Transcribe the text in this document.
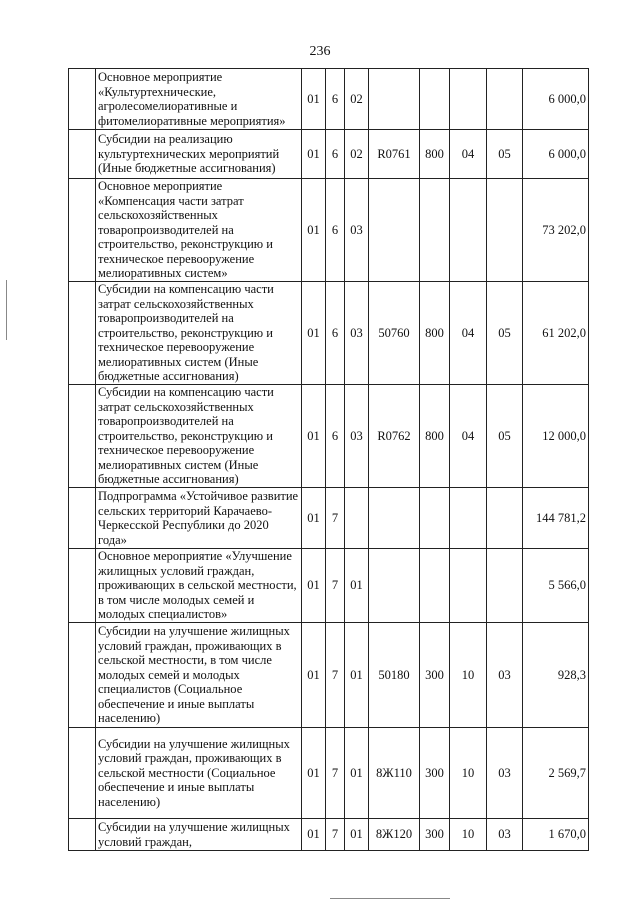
236
	Основное мероприятие «Культуртехнические, агролесомелиоративные и фитомелиоративные мероприятия»	01	6	02					6 000,0
	Субсидии на реализацию культуртехнических мероприятий (Иные бюджетные ассигнования)	01	6	02	R0761	800	04	05	6 000,0
	Основное мероприятие «Компенсация части затрат сельскохозяйственных товаропроизводителей на строительство, реконструкцию и техническое перевооружение мелиоративных систем»	01	6	03					73 202,0
	Субсидии на компенсацию части затрат сельскохозяйственных товаропроизводителей на строительство, реконструкцию и техническое перевооружение мелиоративных систем (Иные бюджетные ассигнования)	01	6	03	50760	800	04	05	61 202,0
	Субсидии на компенсацию части затрат сельскохозяйственных товаропроизводителей на строительство, реконструкцию и техническое перевооружение мелиоративных систем (Иные бюджетные ассигнования)	01	6	03	R0762	800	04	05	12 000,0
	Подпрограмма «Устойчивое развитие сельских территорий Карачаево-Черкесской Республики до 2020 года»	01	7						144 781,2
	Основное мероприятие «Улучшение жилищных условий граждан, проживающих в сельской местности, в том числе молодых семей и молодых специалистов»	01	7	01					5 566,0
	Субсидии на улучшение жилищных условий граждан, проживающих в сельской местности, в том числе молодых семей и молодых специалистов (Социальное обеспечение и иные выплаты населению)	01	7	01	50180	300	10	03	928,3
	Субсидии на улучшение жилищных условий граждан, проживающих в сельской местности (Социальное обеспечение и иные выплаты населению)	01	7	01	8Ж110	300	10	03	2 569,7
	Субсидии на улучшение жилищных условий граждан,	01	7	01	8Ж120	300	10	03	1 670,0
